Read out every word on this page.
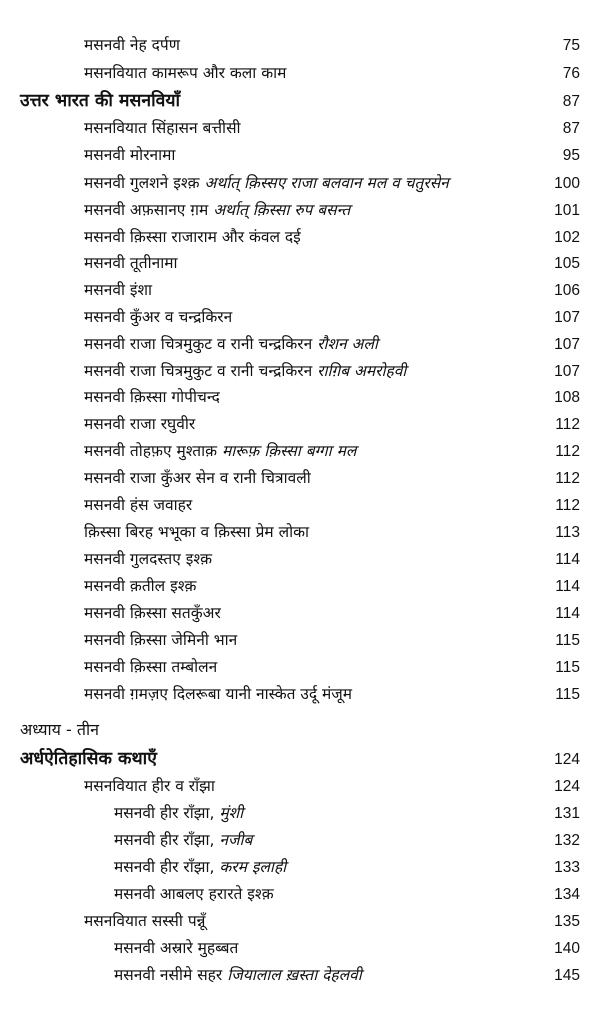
मसनवी नेह दर्पण	75
मसनवियात कामरूप और कला काम	76
उत्तर भारत की मसनवियाँ	87
मसनवियात सिंहासन बत्तीसी	87
मसनवी मोरनामा	95
मसनवी गुलशने इश्क़ अर्थात् क़िस्सए राजा बलवान मल व चतुरसेन	100
मसनवी अफ़सानए ग़म अर्थात् क़िस्सा रुप बसन्त	101
मसनवी क़िस्सा राजाराम और कंवल दई	102
मसनवी तूतीनामा	105
मसनवी इंशा	106
मसनवी कुँअर व चन्द्रकिरन	107
मसनवी राजा चित्रमुकुट व रानी चन्द्रकिरन रौशन अली	107
मसनवी राजा चित्रमुकुट व रानी चन्द्रकिरन राग़िब अमरोहवी	107
मसनवी क़िस्सा गोपीचन्द	108
मसनवी राजा रघुवीर	112
मसनवी तोहफ़ए मुश्ताक़ मारूफ़ क़िस्सा बग्गा मल	112
मसनवी राजा कुँअर सेन व रानी चित्रावली	112
मसनवी हंस जवाहर	112
क़िस्सा बिरह भभूका व क़िस्सा प्रेम लोका	113
मसनवी गुलदस्तए इश्क़	114
मसनवी क़तील इश्क़	114
मसनवी क़िस्सा सतकुँअर	114
मसनवी क़िस्सा जेमिनी भान	115
मसनवी क़िस्सा तम्बोलन	115
मसनवी ग़मज़ए दिलरूबा यानी नास्केत उर्दू मंजूम	115
अध्याय - तीन
अर्धऐतिहासिक कथाएँ	124
मसनवियात हीर व राँझा	124
मसनवी हीर राँझा, मुंशी	131
मसनवी हीर राँझा, नजीब	132
मसनवी हीर राँझा, करम इलाही	133
मसनवी आबलए हरारते इश्क़	134
मसनवियात सस्सी पन्नूँ	135
मसनवी अस्रारे मुहब्बत	140
मसनवी नसीमे सहर जियालाल ख़स्ता देहलवी	145
